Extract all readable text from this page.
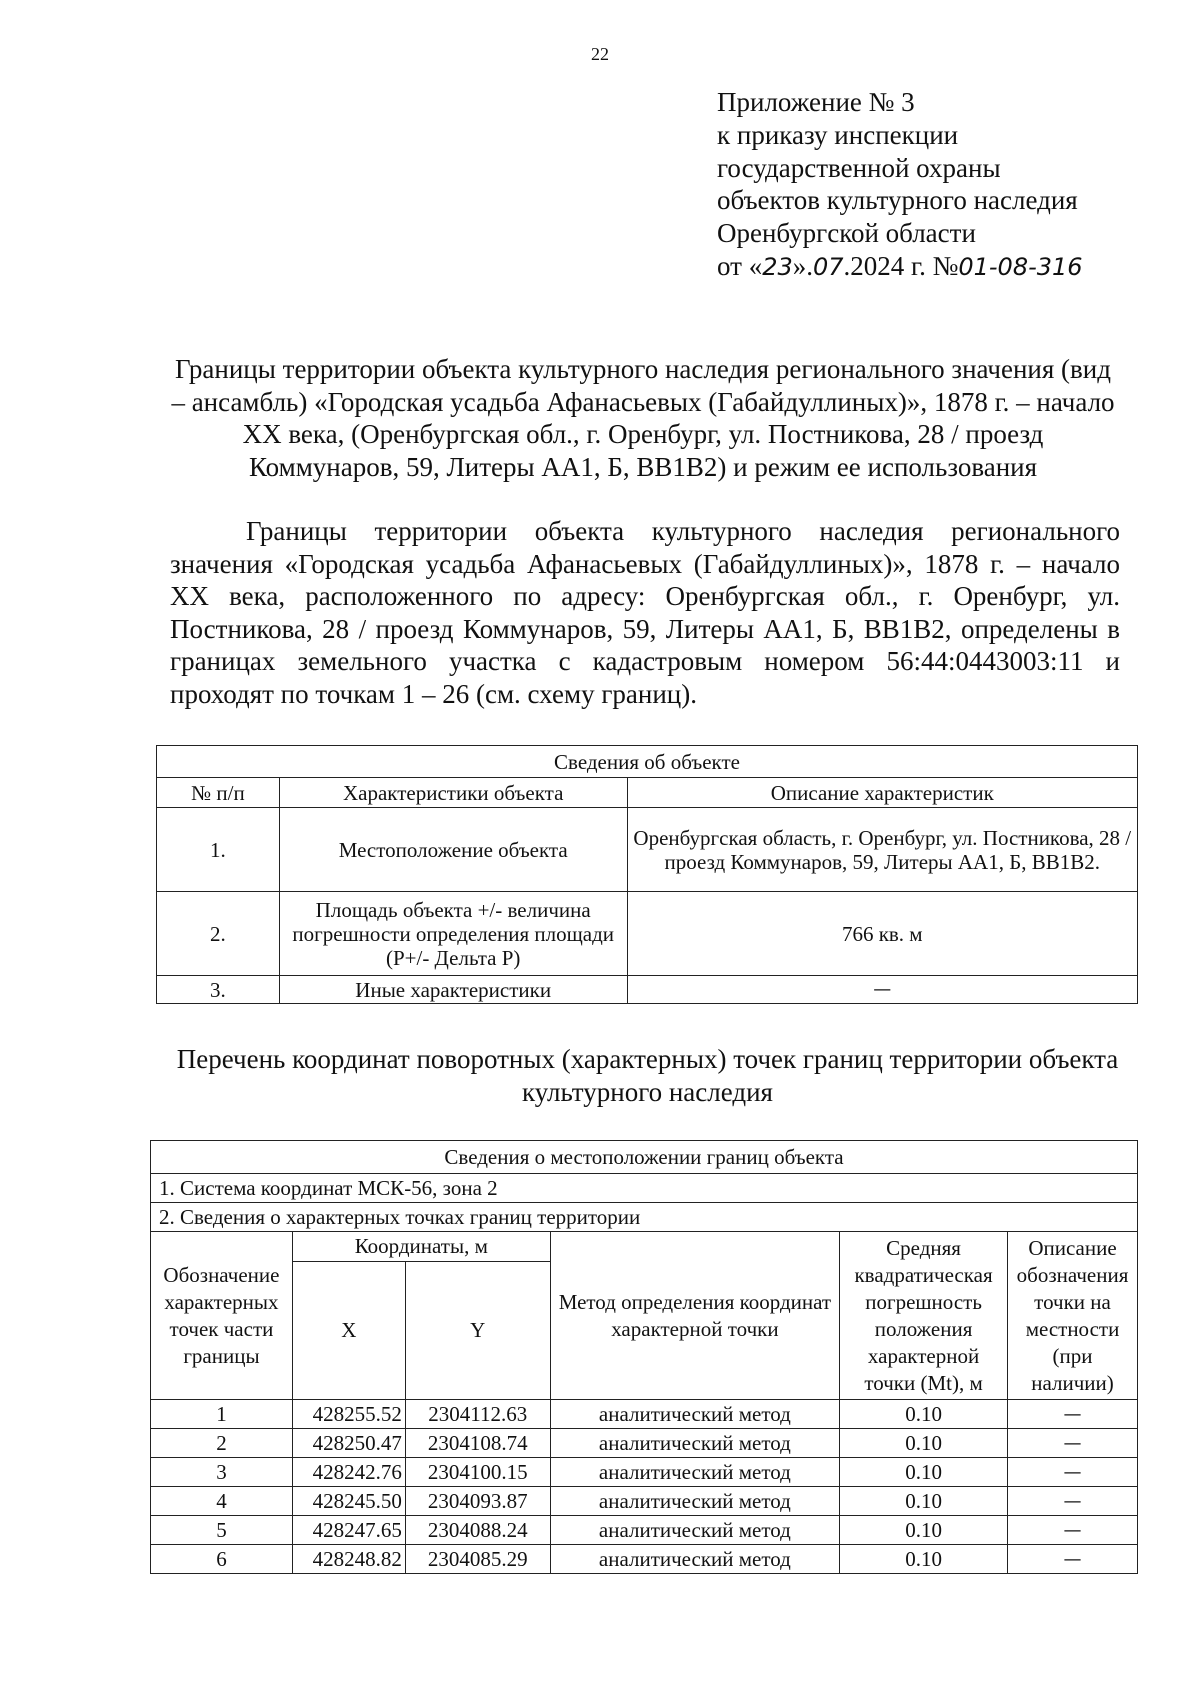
22
Приложение № 3
к приказу инспекции
государственной охраны
объектов культурного наследия
Оренбургской области
от «23».07.2024 г. №01-08-316
Границы территории объекта культурного наследия регионального значения (вид – ансамбль) «Городская усадьба Афанасьевых (Габайдуллиных)», 1878 г. – начало XX века, (Оренбургская обл., г. Оренбург, ул. Постникова, 28 / проезд Коммунаров, 59, Литеры АА1, Б, ВВ1В2) и режим ее использования
Границы территории объекта культурного наследия регионального значения «Городская усадьба Афанасьевых (Габайдуллиных)», 1878 г. – начало XX века, расположенного по адресу: Оренбургская обл., г. Оренбург, ул. Постникова, 28 / проезд Коммунаров, 59, Литеры АА1, Б, ВВ1В2, определены в границах земельного участка с кадастровым номером 56:44:0443003:11 и проходят по точкам 1 – 26 (см. схему границ).
Сведения об объекте		
№ п/п	Характеристики объекта	Описание характеристик
1.	Местоположение объекта	Оренбургская область, г. Оренбург, ул. Постникова, 28 / проезд Коммунаров, 59, Литеры АА1, Б, ВВ1В2.
2.	Площадь объекта +/- величина погрешности определения площади (Р+/- Дельта Р)	766 кв. м
3.	Иные характеристики	—
Перечень координат поворотных (характерных) точек границ территории объекта культурного наследия
Сведения о местоположении границ объекта					
1. Система координат МСК-56, зона 2					
2. Сведения о характерных точках границ территории					
Обозначение характерных точек части границы	Координаты, м		Метод определения координат характерной точки	Средняя квадратическая погрешность положения характерной точки (Mt), м	Описание обозначения точки на местности (при наличии)
	X	Y			
1	428255.52	2304112.63	аналитический метод	0.10	—
2	428250.47	2304108.74	аналитический метод	0.10	—
3	428242.76	2304100.15	аналитический метод	0.10	—
4	428245.50	2304093.87	аналитический метод	0.10	—
5	428247.65	2304088.24	аналитический метод	0.10	—
6	428248.82	2304085.29	аналитический метод	0.10	—
